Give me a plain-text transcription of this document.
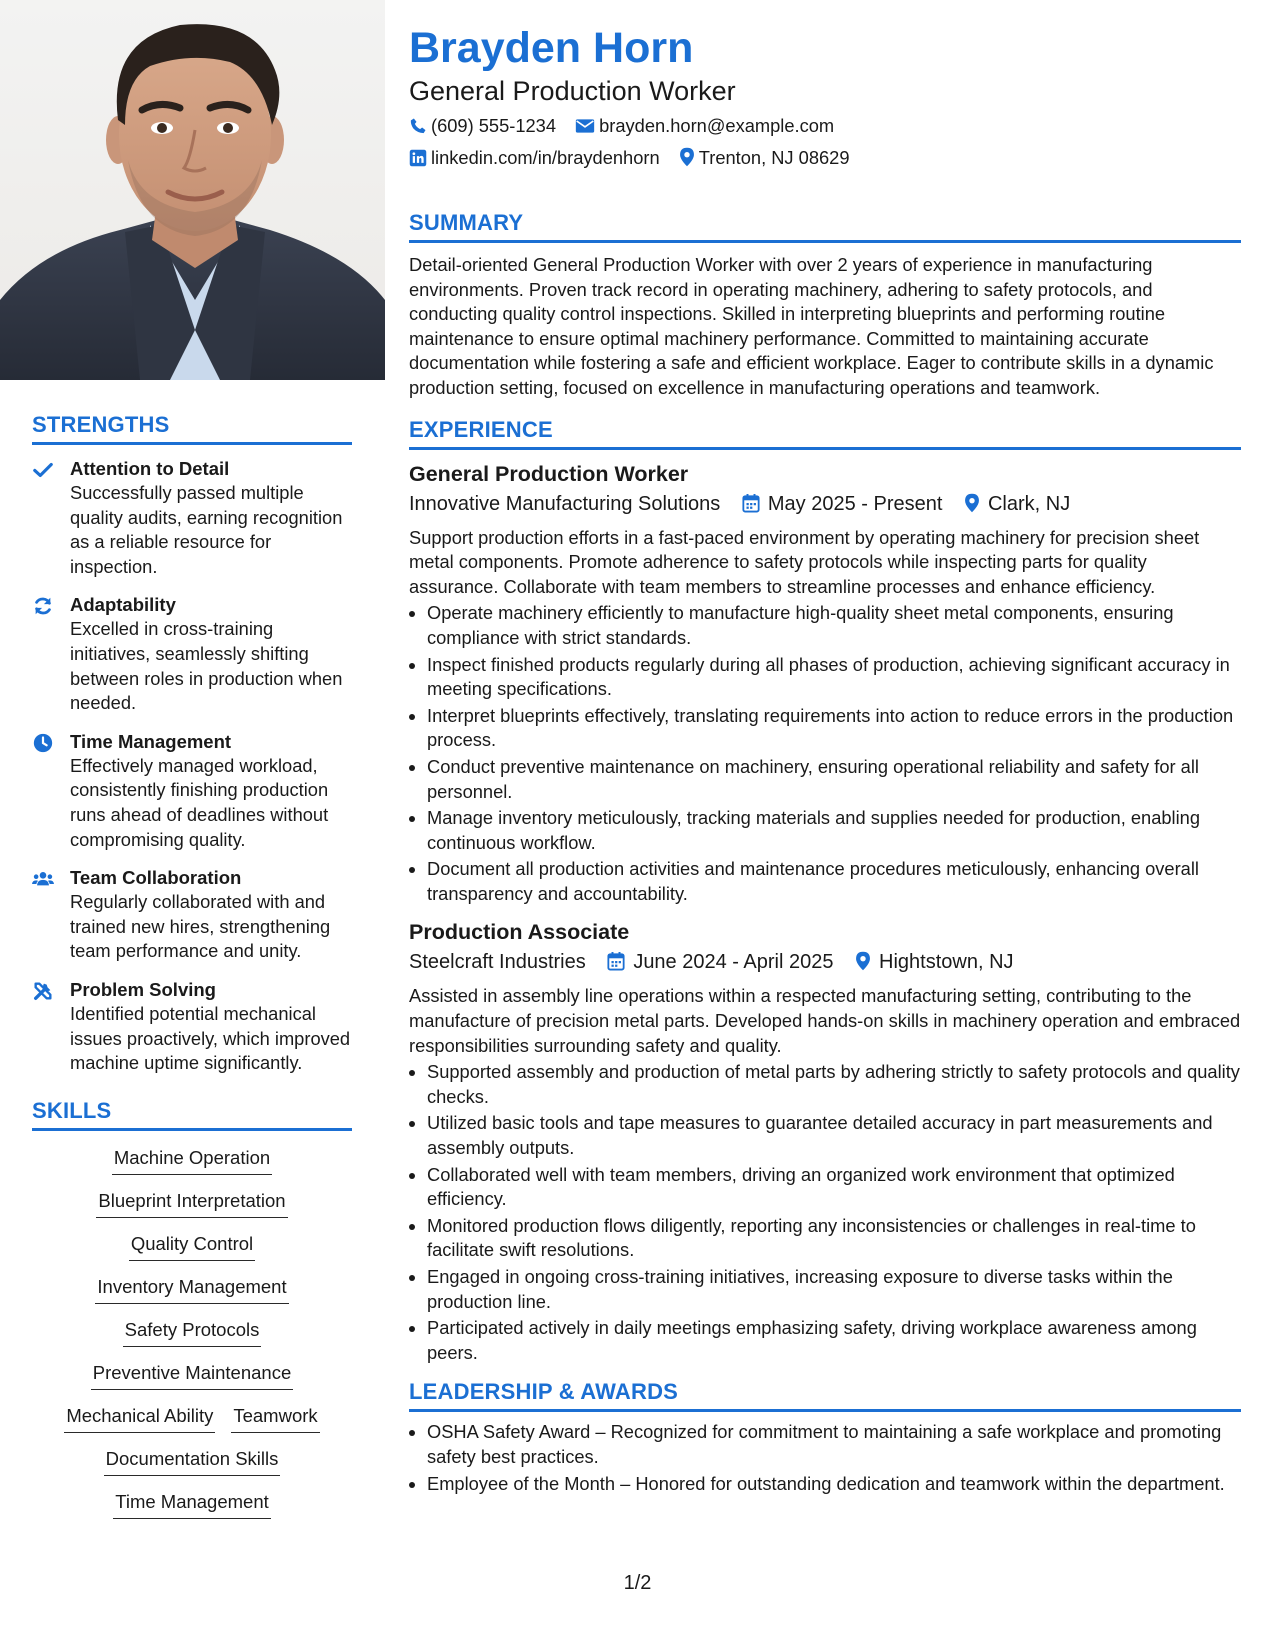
STRENGTHS
Attention to Detail
Successfully passed multiple quality audits, earning recognition as a reliable resource for inspection.
Adaptability
Excelled in cross-training initiatives, seamlessly shifting between roles in production when needed.
Time Management
Effectively managed workload, consistently finishing production runs ahead of deadlines without compromising quality.
Team Collaboration
Regularly collaborated with and trained new hires, strengthening team performance and unity.
Problem Solving
Identified potential mechanical issues proactively, which improved machine uptime significantly.
SKILLS
Machine Operation
Blueprint Interpretation
Quality Control
Inventory Management
Safety Protocols
Preventive Maintenance
Mechanical Ability Teamwork
Documentation Skills
Time Management
Brayden Horn
General Production Worker
(609) 555-1234 brayden.horn@example.com
linkedin.com/in/braydenhorn Trenton, NJ 08629
SUMMARY

Detail-oriented General Production Worker with over 2 years of experience in manufacturing environments. Proven track record in operating machinery, adhering to safety protocols, and conducting quality control inspections. Skilled in interpreting blueprints and performing routine maintenance to ensure optimal machinery performance. Committed to maintaining accurate documentation while fostering a safe and efficient workplace. Eager to contribute skills in a dynamic production setting, focused on excellence in manufacturing operations and teamwork.

EXPERIENCE
General Production Worker
Innovative Manufacturing Solutions May 2025 - Present Clark, NJ

Support production efforts in a fast-paced environment by operating machinery for precision sheet metal components. Promote adherence to safety protocols while inspecting parts for quality assurance. Collaborate with team members to streamline processes and enhance efficiency.

• Operate machinery efficiently to manufacture high-quality sheet metal components, ensuring compliance with strict standards.
• Inspect finished products regularly during all phases of production, achieving significant accuracy in meeting specifications.
• Interpret blueprints effectively, translating requirements into action to reduce errors in the production process.
• Conduct preventive maintenance on machinery, ensuring operational reliability and safety for all personnel.
• Manage inventory meticulously, tracking materials and supplies needed for production, enabling continuous workflow.
• Document all production activities and maintenance procedures meticulously, enhancing overall transparency and accountability.
Production Associate
Steelcraft Industries June 2024 - April 2025 Hightstown, NJ

Assisted in assembly line operations within a respected manufacturing setting, contributing to the manufacture of precision metal parts. Developed hands-on skills in machinery operation and embraced responsibilities surrounding safety and quality.

• Supported assembly and production of metal parts by adhering strictly to safety protocols and quality checks.
• Utilized basic tools and tape measures to guarantee detailed accuracy in part measurements and assembly outputs.
• Collaborated well with team members, driving an organized work environment that optimized efficiency.
• Monitored production flows diligently, reporting any inconsistencies or challenges in real-time to facilitate swift resolutions.
• Engaged in ongoing cross-training initiatives, increasing exposure to diverse tasks within the production line.
• Participated actively in daily meetings emphasizing safety, driving workplace awareness among peers.
LEADERSHIP & AWARDS
• OSHA Safety Award – Recognized for commitment to maintaining a safe workplace and promoting safety best practices.
• Employee of the Month – Honored for outstanding dedication and teamwork within the department.
1/2
